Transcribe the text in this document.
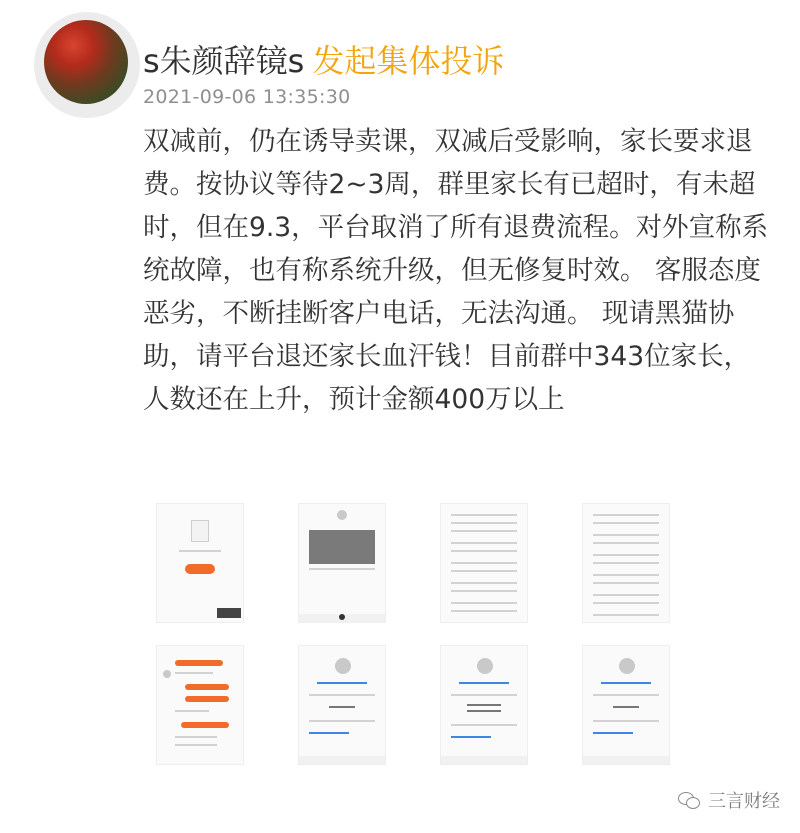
s朱颜辞镜s 发起集体投诉
2021-09-06 13:35:30
双减前，仍在诱导卖课，双减后受影响，家长要求退费。按协议等待2~3周，群里家长有已超时，有未超时，但在9.3，平台取消了所有退费流程。对外宣称系统故障，也有称系统升级，但无修复时效。 客服态度恶劣，不断挂断客户电话，无法沟通。 现请黑猫协助，请平台退还家长血汗钱！目前群中343位家长，人数还在上升，预计金额400万以上
三言财经
